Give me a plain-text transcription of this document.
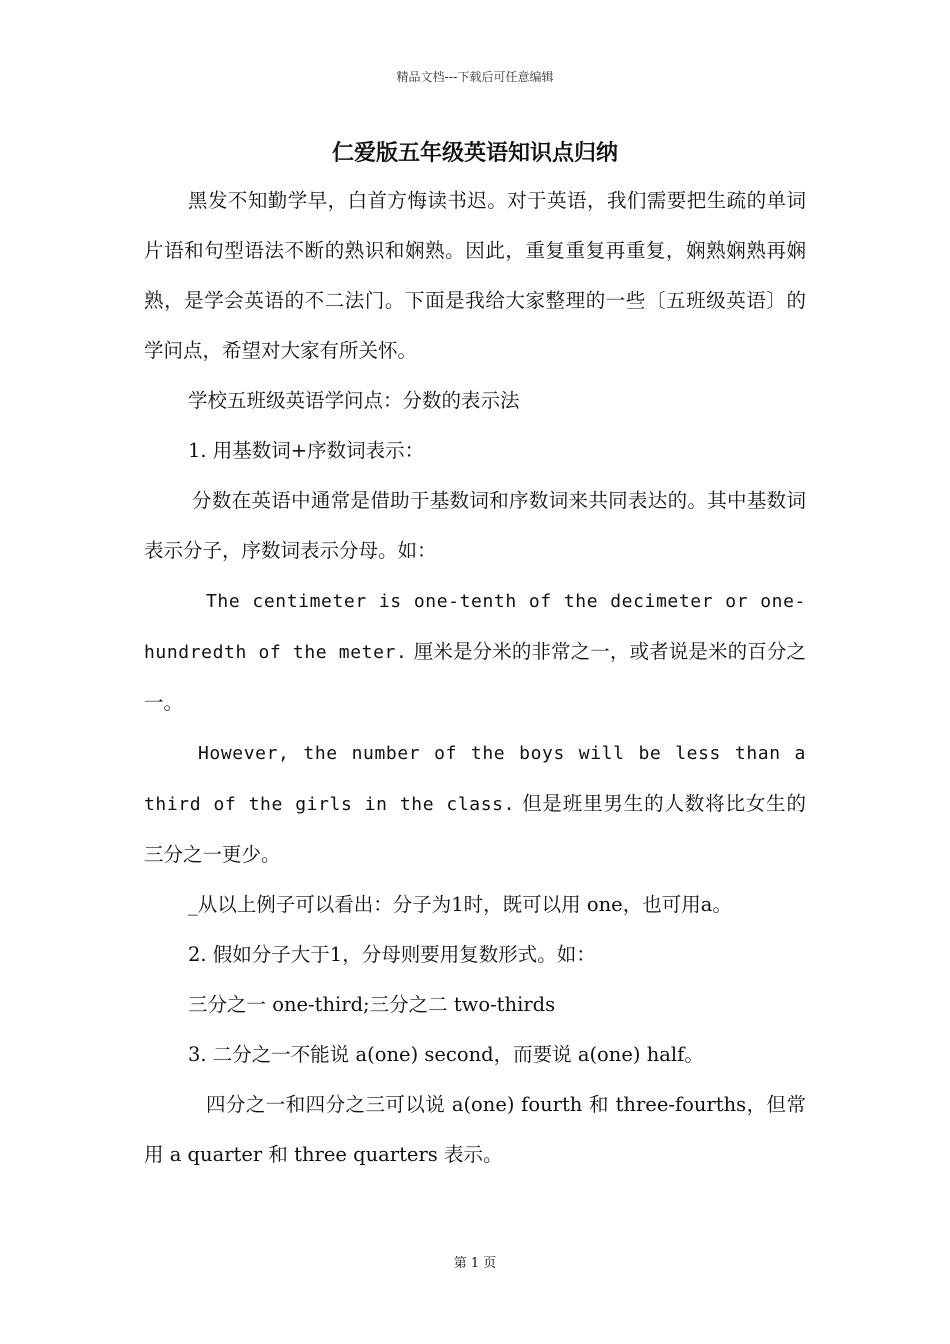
精品文档---下载后可任意编辑
仁爱版五年级英语知识点归纳

黑发不知勤学早，白首方悔读书迟。对于英语，我们需要把生疏的单词片语和句型语法不断的熟识和娴熟。因此，重复重复再重复，娴熟娴熟再娴熟，是学会英语的不二法门。下面是我给大家整理的一些〔五班级英语〕的学问点，希望对大家有所关怀。

学校五班级英语学问点：分数的表示法

1. 用基数词+序数词表示：

分数在英语中通常是借助于基数词和序数词来共同表达的。其中基数词表示分子，序数词表示分母。如：

The centimeter is one-tenth of the decimeter or one-hundredth of the meter. 厘米是分米的非常之一，或者说是米的百分之一。

However, the number of the boys will be less than a third of the girls in the class. 但是班里男生的人数将比女生的三分之一更少。

_从以上例子可以看出：分子为1时，既可以用 one，也可用a。

2. 假如分子大于1，分母则要用复数形式。如：

三分之一 one-third;三分之二 two-thirds

3. 二分之一不能说 a(one) second，而要说 a(one) half。

四分之一和四分之三可以说 a(one) fourth 和 three-fourths，但常用 a quarter 和 three quarters 表示。

第 1 页
